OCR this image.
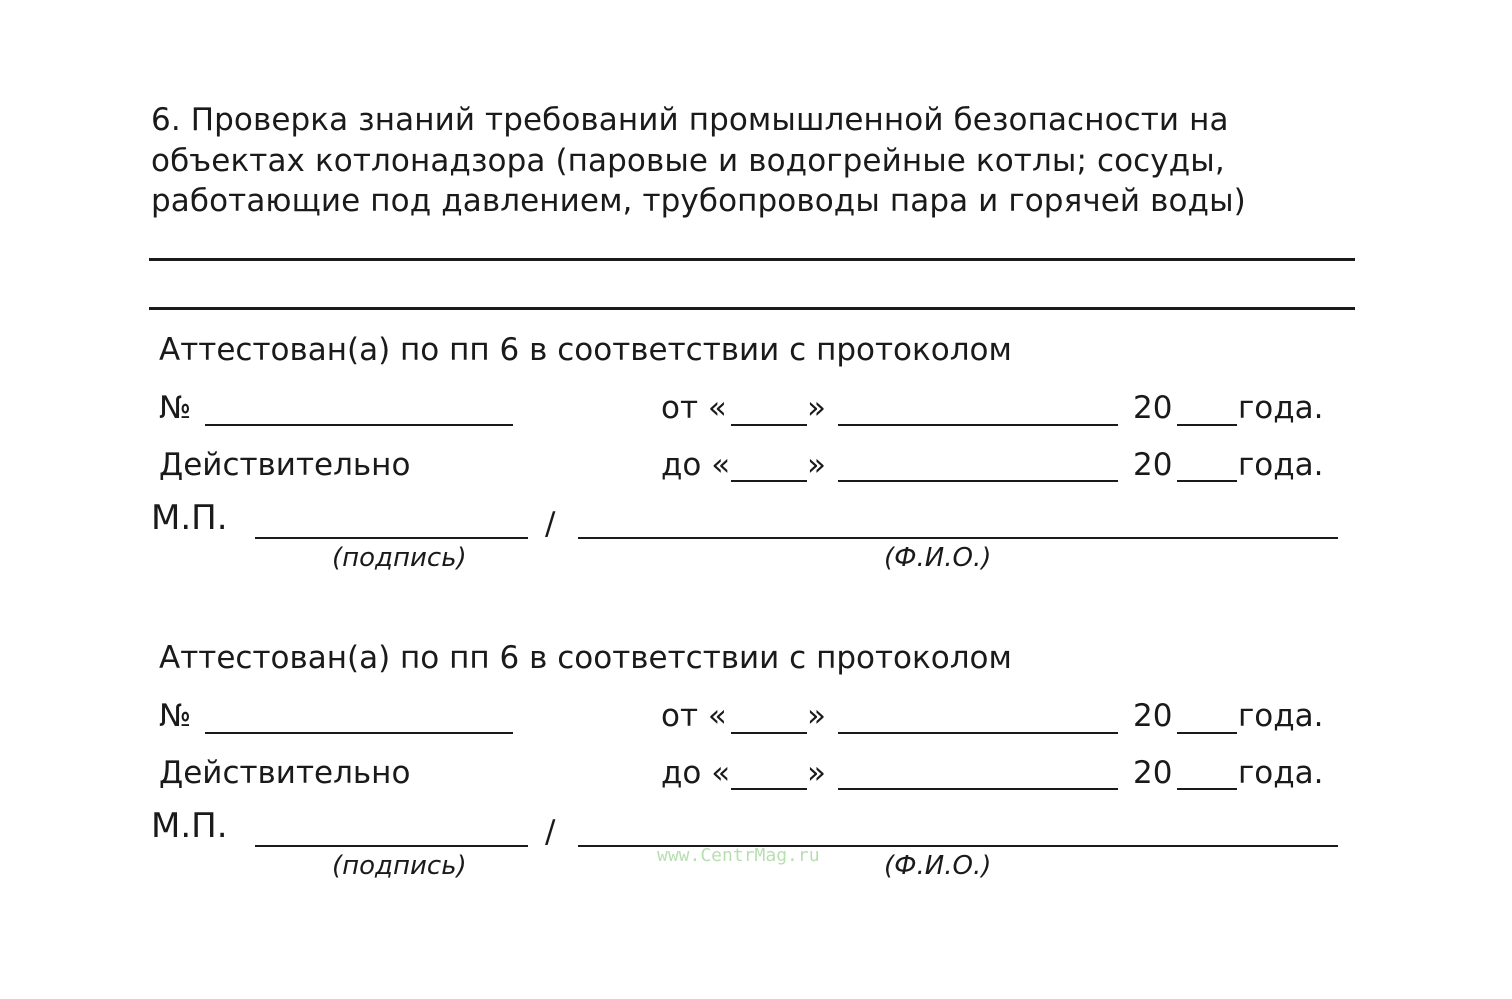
6. Проверка знаний требований промышленной безопасности на
объектах котлонадзора (паровые и водогрейные котлы; сосуды,
работающие под давлением, трубопроводы пара и горячей воды)
Аттестован(а) по пп 6 в соответствии с протоколом
№	от «	»	20 года.
Действительно	до « »	20 года.
М.П.	/
(подпись)	(Ф.И.О.)
Аттестован(а) по пп 6 в соответствии с протоколом
№	от «	»	20 года.
Действительно	до « »	20 года.
М.П.	/
(подпись)	(Ф.И.О.)
www.CentrMag.ru
